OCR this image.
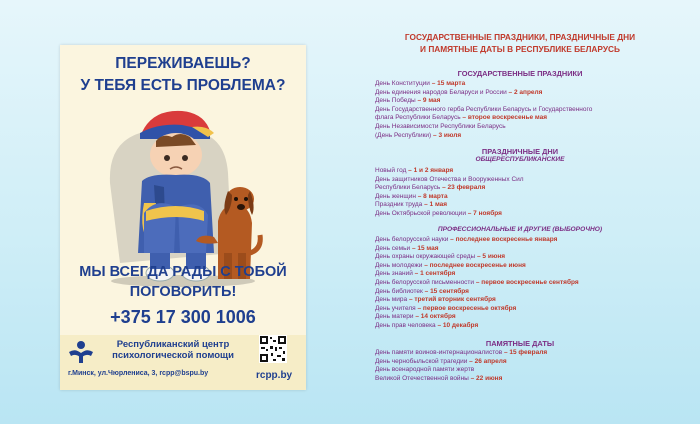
ПЕРЕЖИВАЕШЬ?
У ТЕБЯ ЕСТЬ ПРОБЛЕМА?
МЫ ВСЕГДА РАДЫ С ТОБОЙ
ПОГОВОРИТЬ!
+375 17 300 1006
Республиканский центр
психологической помощи
г.Минск, ул.Чюрлениса, 3, rcpp@bspu.by	rcpp.by
ГОСУДАРСТВЕННЫЕ ПРАЗДНИКИ, ПРАЗДНИЧНЫЕ ДНИ
И ПАМЯТНЫЕ ДАТЫ В РЕСПУБЛИКЕ БЕЛАРУСЬ
ГОСУДАРСТВЕННЫЕ ПРАЗДНИКИ
День Конституции – 15 марта
День единения народов Беларуси и России – 2 апреля
День Победы – 9 мая
День Государственного герба Республики Беларусь и Государственного
флага Республики Беларусь – второе воскресенье мая
День Независимости Республики Беларусь
(День Республики) – 3 июля
ПРАЗДНИЧНЫЕ ДНИ
ОБЩЕРЕСПУБЛИКАНСКИЕ
Новый год – 1 и 2 января
День защитников Отечества и Вооруженных Сил
Республики Беларусь – 23 февраля
День женщин – 8 марта
Праздник труда – 1 мая
День Октябрьской революции – 7 ноября
ПРОФЕССИОНАЛЬНЫЕ И ДРУГИЕ (ВЫБОРОЧНО)
День белорусской науки – последнее воскресенье января
День семьи – 15 мая
День охраны окружающей среды – 5 июня
День молодежи – последнее воскресенье июня
День знаний – 1 сентября
День белорусской письменности – первое воскресенье сентября
День библиотек – 15 сентября
День мира – третий вторник сентября
День учителя – первое воскресенье октября
День матери – 14 октября
День прав человека – 10 декабря
ПАМЯТНЫЕ ДАТЫ
День памяти воинов-интернационалистов – 15 февраля
День чернобыльской трагедии – 26 апреля
День всенародной памяти жертв
Великой Отечественной войны – 22 июня
